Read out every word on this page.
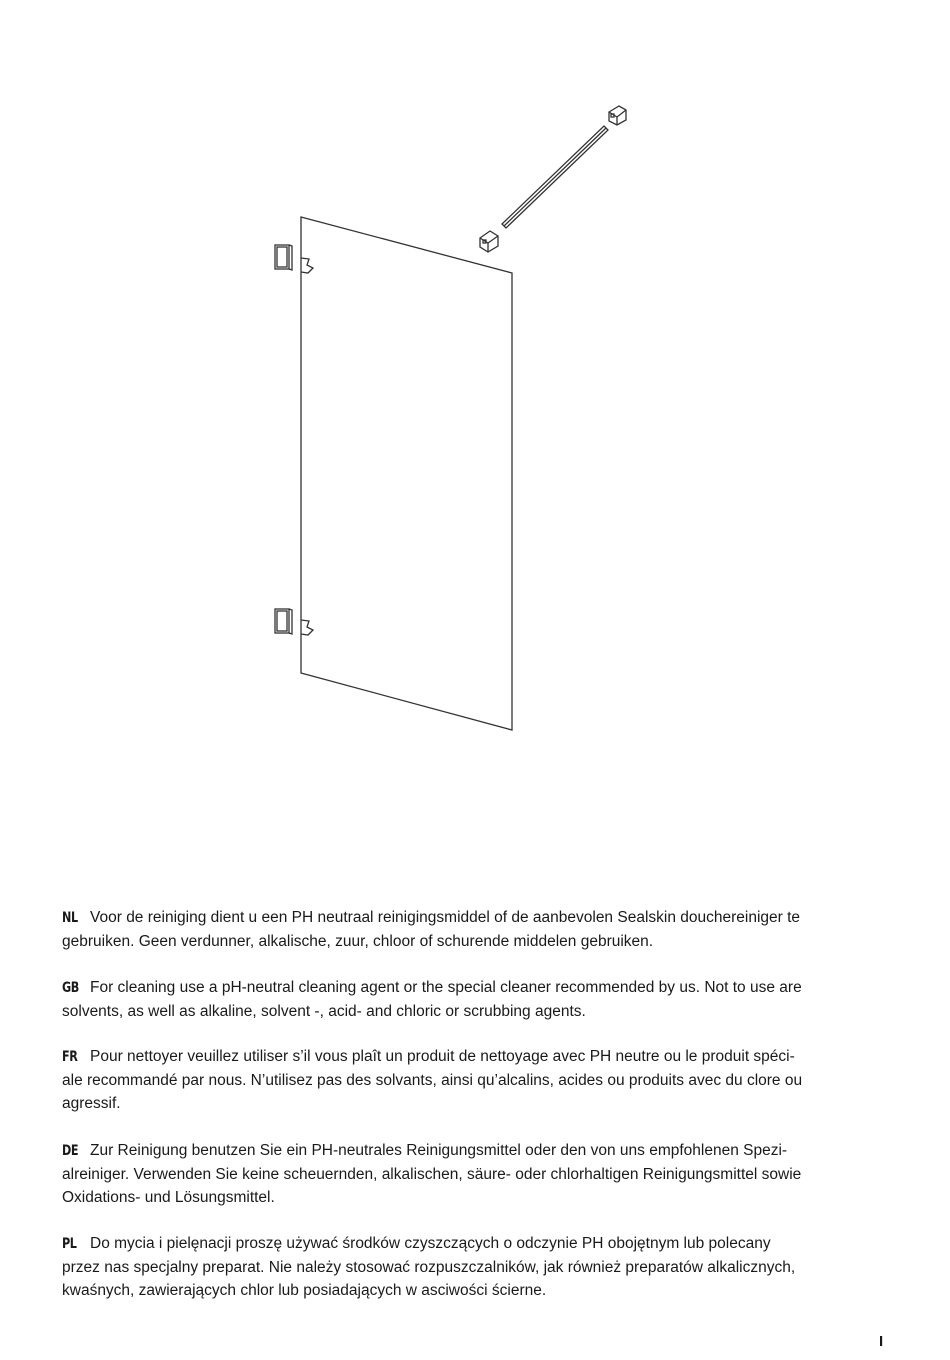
NL Voor de reiniging dient u een PH neutraal reinigingsmiddel of de aanbevolen Sealskin douchereiniger te
gebruiken. Geen verdunner, alkalische, zuur, chloor of schurende middelen gebruiken.
GB For cleaning use a pH-neutral cleaning agent or the special cleaner recommended by us. Not to use are
solvents, as well as alkaline, solvent -, acid- and chloric or scrubbing agents.
FR Pour nettoyer veuillez utiliser s’il vous plaît un produit de nettoyage avec PH neutre ou le produit spéci-
ale recommandé par nous. N’utilisez pas des solvants, ainsi qu’alcalins, acides ou produits avec du clore ou
agressif.
DE Zur Reinigung benutzen Sie ein PH-neutrales Reinigungsmittel oder den von uns empfohlenen Spezi-
alreiniger. Verwenden Sie keine scheuernden, alkalischen, säure- oder chlorhaltigen Reinigungsmittel sowie
Oxidations- und Lösungsmittel.
PL Do mycia i pielęnacji proszę używać środków czyszczących o odczynie PH obojętnym lub polecany
przez nas specjalny preparat. Nie należy stosować rozpuszczalników, jak również preparatów alkalicznych,
kwaśnych, zawierających chlor lub posiadających w asciwości ścierne.
I
